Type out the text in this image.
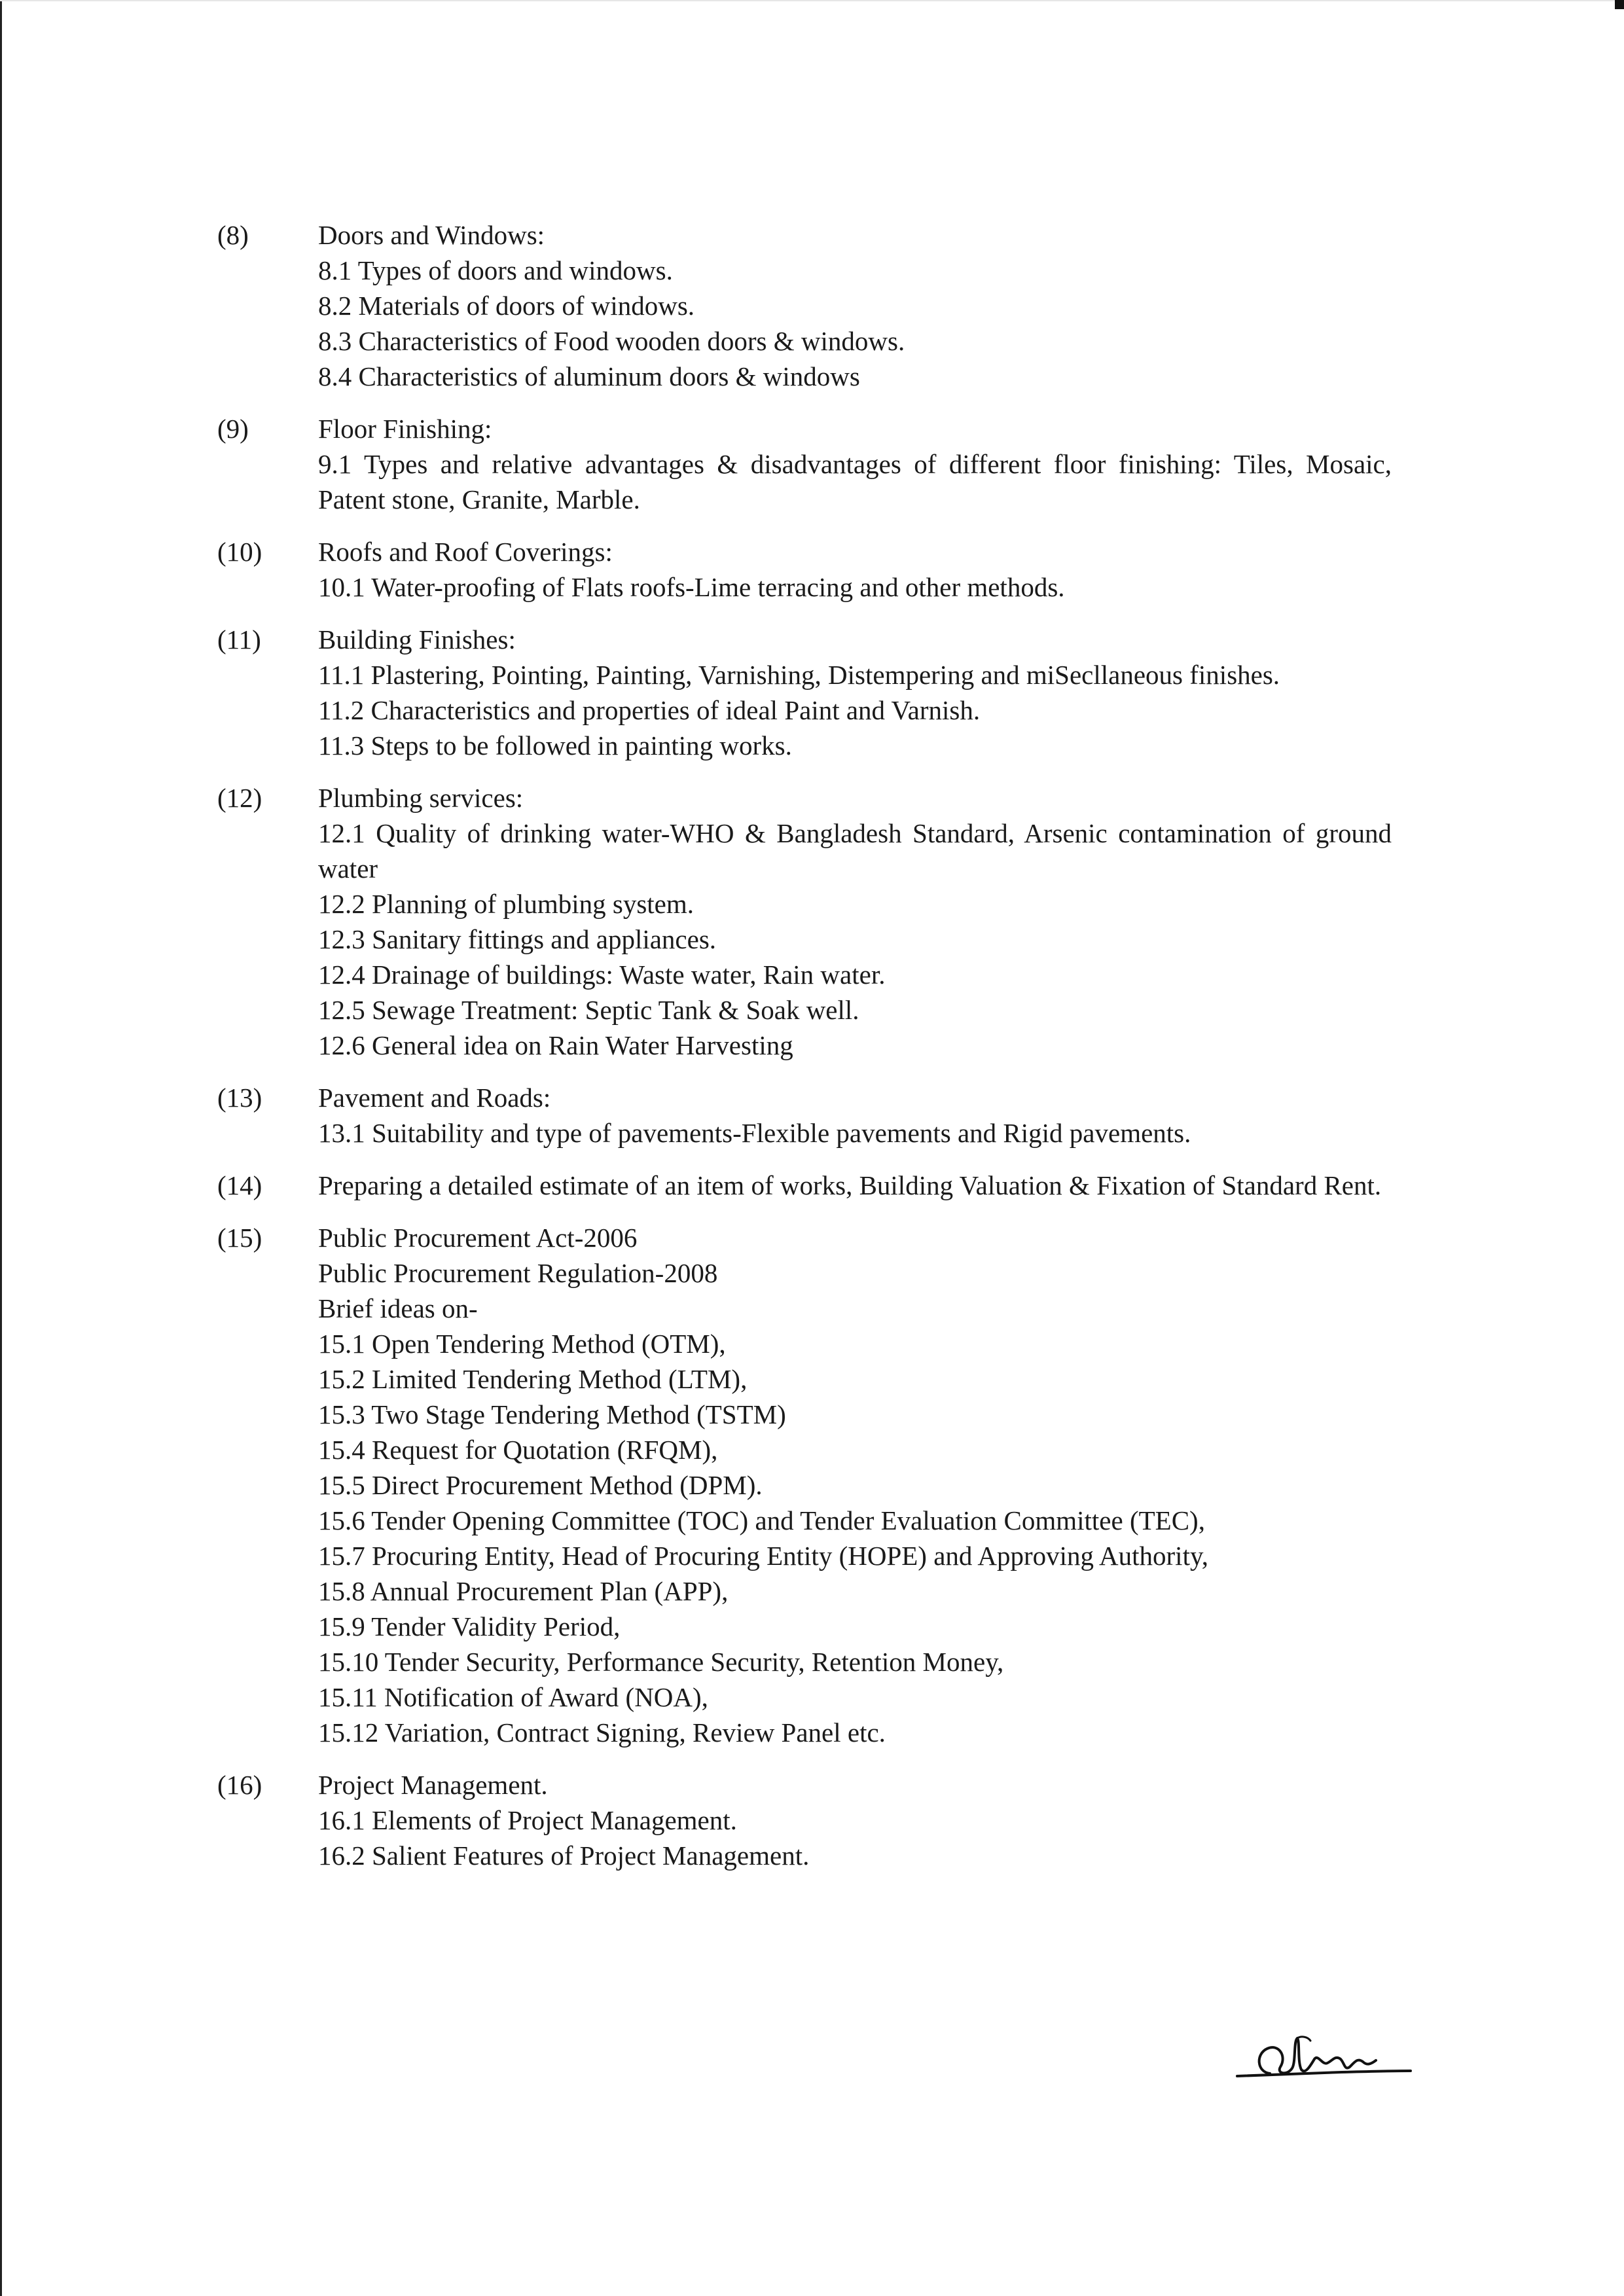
(8)	Doors and Windows:
8.1 Types of doors and windows.
8.2 Materials of doors of windows.
8.3 Characteristics of Food wooden doors & windows.
8.4 Characteristics of aluminum doors & windows
(9)	Floor Finishing:
9.1 Types and relative advantages & disadvantages of different floor finishing: Tiles, Mosaic, Patent stone, Granite, Marble.
(10)	Roofs and Roof Coverings:
10.1 Water-proofing of Flats roofs-Lime terracing and other methods.
(11)	Building Finishes:
11.1 Plastering, Pointing, Painting, Varnishing, Distempering and miSecllaneous finishes.
11.2 Characteristics and properties of ideal Paint and Varnish.
11.3 Steps to be followed in painting works.
(12)	Plumbing services:
12.1 Quality of drinking water-WHO & Bangladesh Standard, Arsenic contamination of ground water
12.2 Planning of plumbing system.
12.3 Sanitary fittings and appliances.
12.4 Drainage of buildings: Waste water, Rain water.
12.5 Sewage Treatment: Septic Tank & Soak well.
12.6 General idea on Rain Water Harvesting
(13)	Pavement and Roads:
13.1 Suitability and type of pavements-Flexible pavements and Rigid pavements.
(14)	Preparing a detailed estimate of an item of works, Building Valuation & Fixation of Standard Rent.
(15)	Public Procurement Act-2006
Public Procurement Regulation-2008
Brief ideas on-
15.1 Open Tendering Method (OTM),
15.2 Limited Tendering Method (LTM),
15.3 Two Stage Tendering Method (TSTM)
15.4 Request for Quotation (RFQM),
15.5 Direct Procurement Method (DPM).
15.6 Tender Opening Committee (TOC) and Tender Evaluation Committee (TEC),
15.7 Procuring Entity, Head of Procuring Entity (HOPE) and Approving Authority,
15.8 Annual Procurement Plan (APP),
15.9 Tender Validity Period,
15.10 Tender Security, Performance Security, Retention Money,
15.11 Notification of Award (NOA),
15.12 Variation, Contract Signing, Review Panel etc.
(16)	Project Management.
16.1 Elements of Project Management.
16.2 Salient Features of Project Management.
